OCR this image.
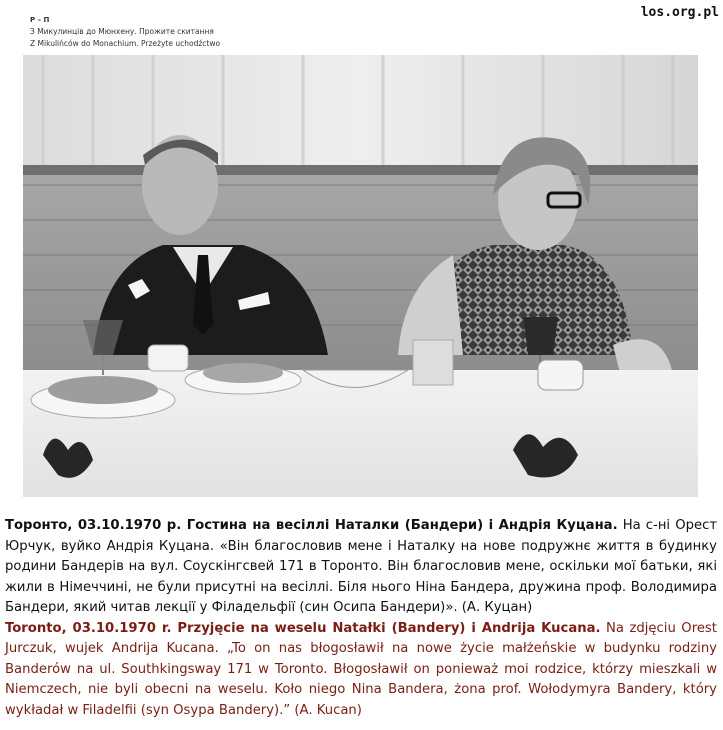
Р – П
З Микулинців до Мюнхену. Прожите скитання
Z Mikulińców do Monachium. Przeżyte uchodźctwo
los.org.pl

Торонто, 03.10.1970 р. Гостина на весіллі Наталки (Бандери) і Андрія Куцана. На с-ні Орест Юрчук, вуйко Андрія Куцана. «Він благословив мене і Наталку на нове подружнє життя в будинку родини Бандерів на вул. Соускінгсвей 171 в Торонто. Він благословив мене, оскільки мої батьки, які жили в Німеччині, не були присутні на весіллі. Біля нього Ніна Бандера, дружина проф. Володимира Бандери, який читав лекції у Філадельфії (син Осипа Бандери)». (А. Куцан)

Toronto, 03.10.1970 r. Przyjęcie na weselu Natałki (Bandery) i Andrija Kucana. Na zdjęciu Orest Jurczuk, wujek Andrija Kucana. „To on nas błogosławił na nowe życie małżeńskie w budynku rodziny Banderów na ul. Southkingsway 171 w Toronto. Błogosławił on ponieważ moi rodzice, którzy mieszkali w Niemczech, nie byli obecni na weselu. Koło niego Nina Bandera, żona prof. Wołodymyra Bandery, który wykładał w Filadelfii (syn Osypa Bandery).” (A. Kucan)
